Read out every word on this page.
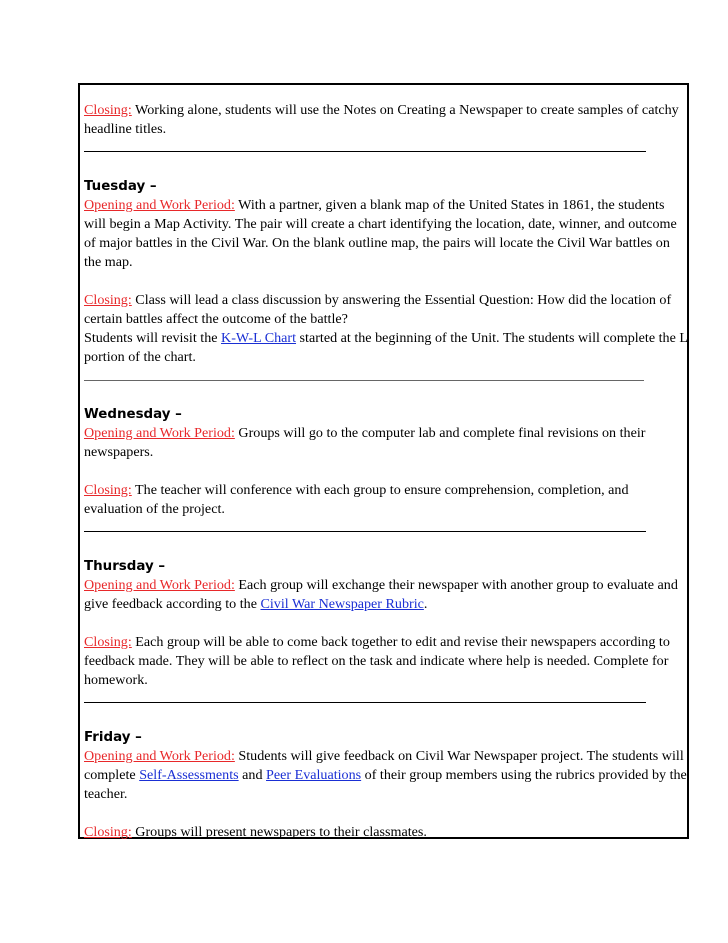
Closing: Working alone, students will use the Notes on Creating a Newspaper to create samples of catchy headline titles.

Tuesday –

Opening and Work Period: With a partner, given a blank map of the United States in 1861, the students will begin a Map Activity. The pair will create a chart identifying the location, date, winner, and outcome of major battles in the Civil War. On the blank outline map, the pairs will locate the Civil War battles on the map.

Closing: Class will lead a class discussion by answering the Essential Question: How did the location of certain battles affect the outcome of the battle?

Students will revisit the K-W-L Chart started at the beginning of the Unit. The students will complete the L portion of the chart.

Wednesday –

Opening and Work Period: Groups will go to the computer lab and complete final revisions on their newspapers.

Closing: The teacher will conference with each group to ensure comprehension, completion, and evaluation of the project.

Thursday –

Opening and Work Period: Each group will exchange their newspaper with another group to evaluate and give feedback according to the Civil War Newspaper Rubric.

Closing: Each group will be able to come back together to edit and revise their newspapers according to feedback made. They will be able to reflect on the task and indicate where help is needed. Complete for homework.

Friday –

Opening and Work Period: Students will give feedback on Civil War Newspaper project. The students will complete Self-Assessments and Peer Evaluations of their group members using the rubrics provided by the teacher.

Closing: Groups will present newspapers to their classmates.
